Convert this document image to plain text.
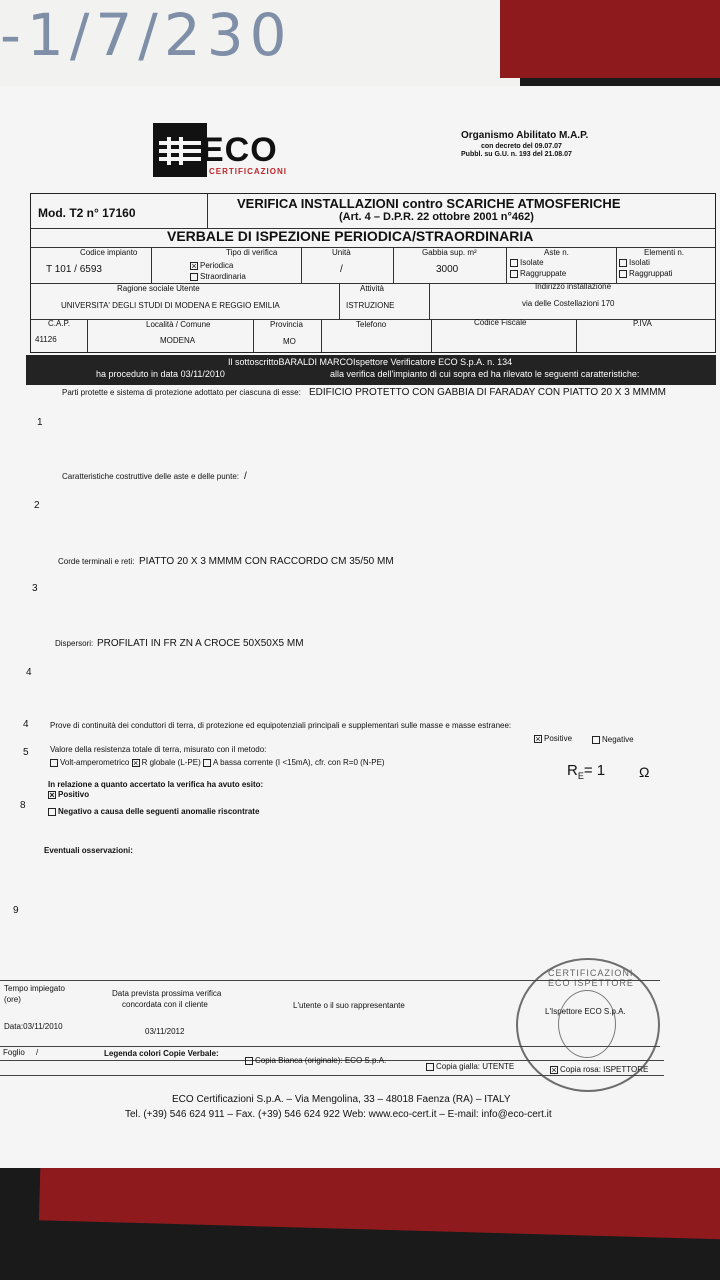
-1/7/230
ECO
CERTIFICAZIONI
Organismo Abilitato M.A.P.
con decreto del 09.07.07
Pubbl. su G.U. n. 193 del 21.08.07
Mod. T2 n° 17160
VERIFICA INSTALLAZIONI contro SCARICHE ATMOSFERICHE
(Art. 4 – D.P.R. 22 ottobre 2001 n°462)
VERBALE DI ISPEZIONE PERIODICA/STRAORDINARIA
Codice impianto
T 101 / 6593
Tipo di verifica
×Periodica
Straordinaria
Unità
/
Gabbia sup. m²
3000
Aste n.
Isolate
Raggruppate
Elementi n.
Isolati
Raggruppati
Ragione sociale Utente
UNIVERSITA' DEGLI STUDI DI MODENA E REGGIO EMILIA
Attività
ISTRUZIONE
Indirizzo installazione
via delle Costellazioni 170
C.A.P.
41126
Località / Comune
MODENA
Provincia
MO
Telefono	Codice Fiscale	P.IVA
Il sottoscrittoBARALDI MARCOIspettore Verificatore ECO S.p.A. n. 134
ha proceduto in data 03/11/2010	alla verifica dell'impianto di cui sopra ed ha rilevato le seguenti caratteristiche:
Parti protette e sistema di protezione adottato per ciascuna di esse: EDIFICIO PROTETTO CON GABBIA DI FARADAY CON PIATTO 20 X 3 MMMM
1
Caratteristiche costruttive delle aste e delle punte: /
2
Corde terminali e reti: PIATTO 20 X 3 MMMM CON RACCORDO CM 35/50 MM
3
Dispersori: PROFILATI IN FR ZN A CROCE 50X50X5 MM
4
4	Prove di continuità dei conduttori di terra, di protezione ed equipotenziali principali e supplementari sulle masse e masse estranee:
×Positive	Negative
5	Valore della resistenza totale di terra, misurato con il metodo:
Volt-amperometrico × R globale (L-PE) A bassa corrente (I <15mA), cfr. con R=0 (N-PE)	$R_E= 1$ Ω
In relazione a quanto accertato la verifica ha avuto esito:
×Positivo
8
Negativo a causa delle seguenti anomalie riscontrate
Eventuali osservazioni:
9
Tempo impiegato
(ore)
Data prevista prossima verifica
concordata con il cliente	L'utente o il suo rappresentante
L'Ispettore ECO S.p.A.
Data:03/11/2010
03/11/2012
Foglio /	Legenda colori Copie Verbale:
Copia Bianca (originale): ECO S.p.A.
Copia gialla: UTENTE ×	Copia rosa: ISPETTORE
CERTIFICAZIONI ECO ISPETTORE
ECO Certificazioni S.p.A. – Via Mengolina, 33 – 48018 Faenza (RA) – ITALY
Tel. (+39) 546 624 911 – Fax. (+39) 546 624 922 Web: www.eco-cert.it – E-mail: info@eco-cert.it
